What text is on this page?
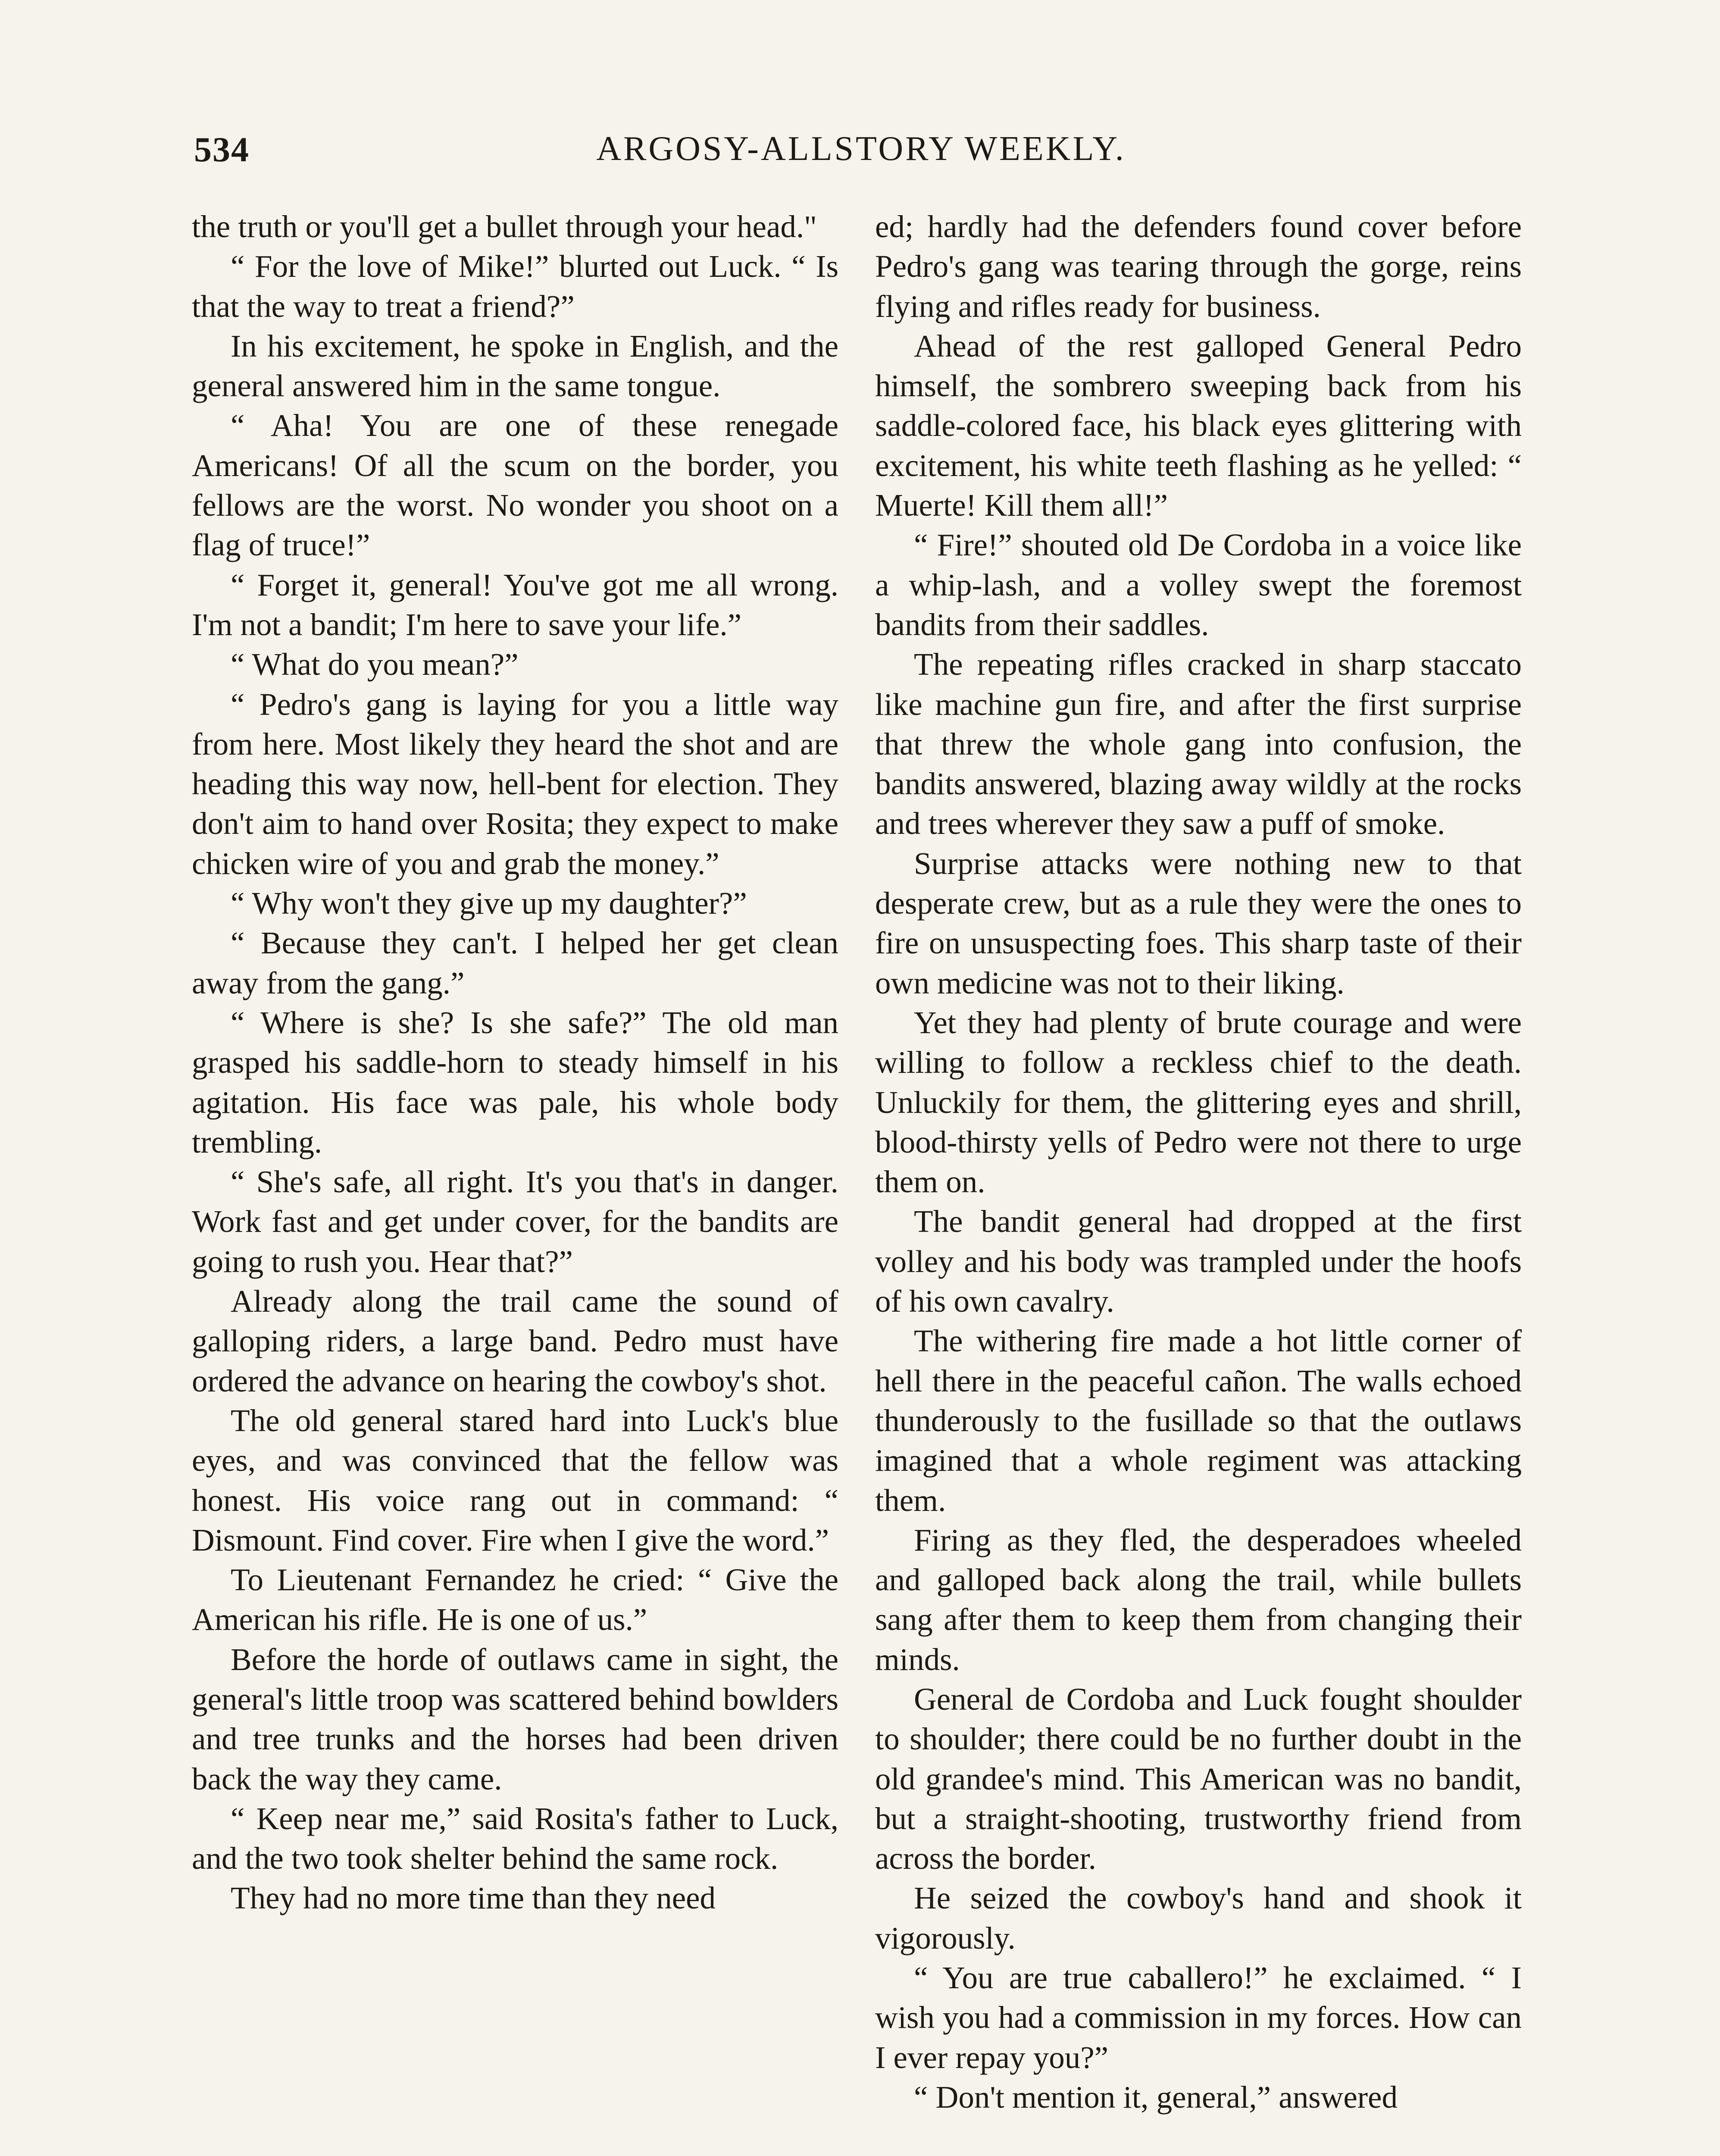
534	ARGOSY-ALLSTORY WEEKLY.

the truth or you'll get a bullet through your head."

“ For the love of Mike!” blurted out Luck. “ Is that the way to treat a friend?”

In his excitement, he spoke in English, and the general answered him in the same tongue.

“ Aha! You are one of these renegade Americans! Of all the scum on the border, you fellows are the worst. No wonder you shoot on a flag of truce!”

“ Forget it, general! You've got me all wrong. I'm not a bandit; I'm here to save your life.”

“ What do you mean?”

“ Pedro's gang is laying for you a little way from here. Most likely they heard the shot and are heading this way now, hell-bent for election. They don't aim to hand over Rosita; they expect to make chicken wire of you and grab the money.”

“ Why won't they give up my daughter?”

“ Because they can't. I helped her get clean away from the gang.”

“ Where is she? Is she safe?” The old man grasped his saddle-horn to steady himself in his agitation. His face was pale, his whole body trembling.

“ She's safe, all right. It's you that's in danger. Work fast and get under cover, for the bandits are going to rush you. Hear that?”

Already along the trail came the sound of galloping riders, a large band. Pedro must have ordered the advance on hearing the cowboy's shot.

The old general stared hard into Luck's blue eyes, and was convinced that the fellow was honest. His voice rang out in command: “ Dismount. Find cover. Fire when I give the word.”

To Lieutenant Fernandez he cried: “ Give the American his rifle. He is one of us.”

Before the horde of outlaws came in sight, the general's little troop was scattered behind bowlders and tree trunks and the horses had been driven back the way they came.

“ Keep near me,” said Rosita's father to Luck, and the two took shelter behind the same rock.

They had no more time than they need

ed; hardly had the defenders found cover before Pedro's gang was tearing through the gorge, reins flying and rifles ready for business.

Ahead of the rest galloped General Pedro himself, the sombrero sweeping back from his saddle-colored face, his black eyes glittering with excitement, his white teeth flashing as he yelled: “ Muerte! Kill them all!”

“ Fire!” shouted old De Cordoba in a voice like a whip-lash, and a volley swept the foremost bandits from their saddles.

The repeating rifles cracked in sharp staccato like machine gun fire, and after the first surprise that threw the whole gang into confusion, the bandits answered, blazing away wildly at the rocks and trees wherever they saw a puff of smoke.

Surprise attacks were nothing new to that desperate crew, but as a rule they were the ones to fire on unsuspecting foes. This sharp taste of their own medicine was not to their liking.

Yet they had plenty of brute courage and were willing to follow a reckless chief to the death. Unluckily for them, the glittering eyes and shrill, blood-thirsty yells of Pedro were not there to urge them on.

The bandit general had dropped at the first volley and his body was trampled under the hoofs of his own cavalry.

The withering fire made a hot little corner of hell there in the peaceful cañon. The walls echoed thunderously to the fusillade so that the outlaws imagined that a whole regiment was attacking them.

Firing as they fled, the desperadoes wheeled and galloped back along the trail, while bullets sang after them to keep them from changing their minds.

General de Cordoba and Luck fought shoulder to shoulder; there could be no further doubt in the old grandee's mind. This American was no bandit, but a straight-shooting, trustworthy friend from across the border.

He seized the cowboy's hand and shook it vigorously.

“ You are true caballero!” he exclaimed. “ I wish you had a commission in my forces. How can I ever repay you?”

“ Don't mention it, general,” answered
